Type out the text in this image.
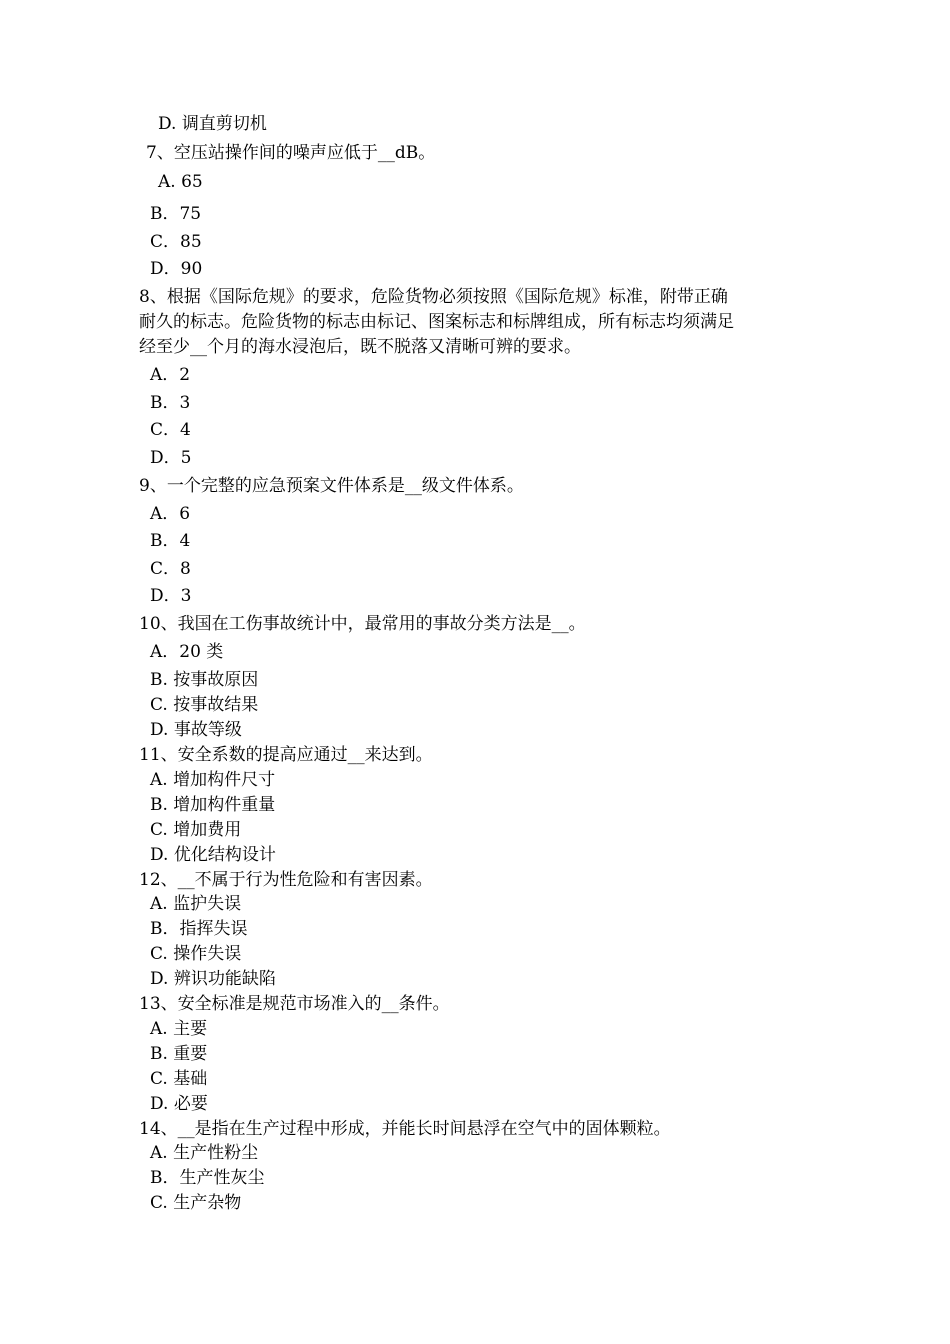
D. 调直剪切机
7、空压站操作间的噪声应低于__dB。
A. 65
B．75
C．85
D．90
8、根据《国际危规》的要求，危险货物必须按照《国际危规》标准，附带正确
耐久的标志。危险货物的标志由标记、图案标志和标牌组成，所有标志均须满足
经至少__个月的海水浸泡后，既不脱落又清晰可辨的要求。
A．2
B．3
C．4
D．5
9、一个完整的应急预案文件体系是__级文件体系。
A．6
B．4
C．8
D．3
10、我国在工伤事故统计中，最常用的事故分类方法是__。
A．20 类
B. 按事故原因
C. 按事故结果
D. 事故等级
11、安全系数的提高应通过__来达到。
A. 增加构件尺寸
B. 增加构件重量
C. 增加费用
D. 优化结构设计
12、__不属于行为性危险和有害因素。
A. 监护失误
B．指挥失误
C. 操作失误
D. 辨识功能缺陷
13、安全标准是规范市场准入的__条件。
A. 主要
B. 重要
C. 基础
D. 必要
14、__是指在生产过程中形成，并能长时间悬浮在空气中的固体颗粒。
A. 生产性粉尘
B．生产性灰尘
C. 生产杂物
